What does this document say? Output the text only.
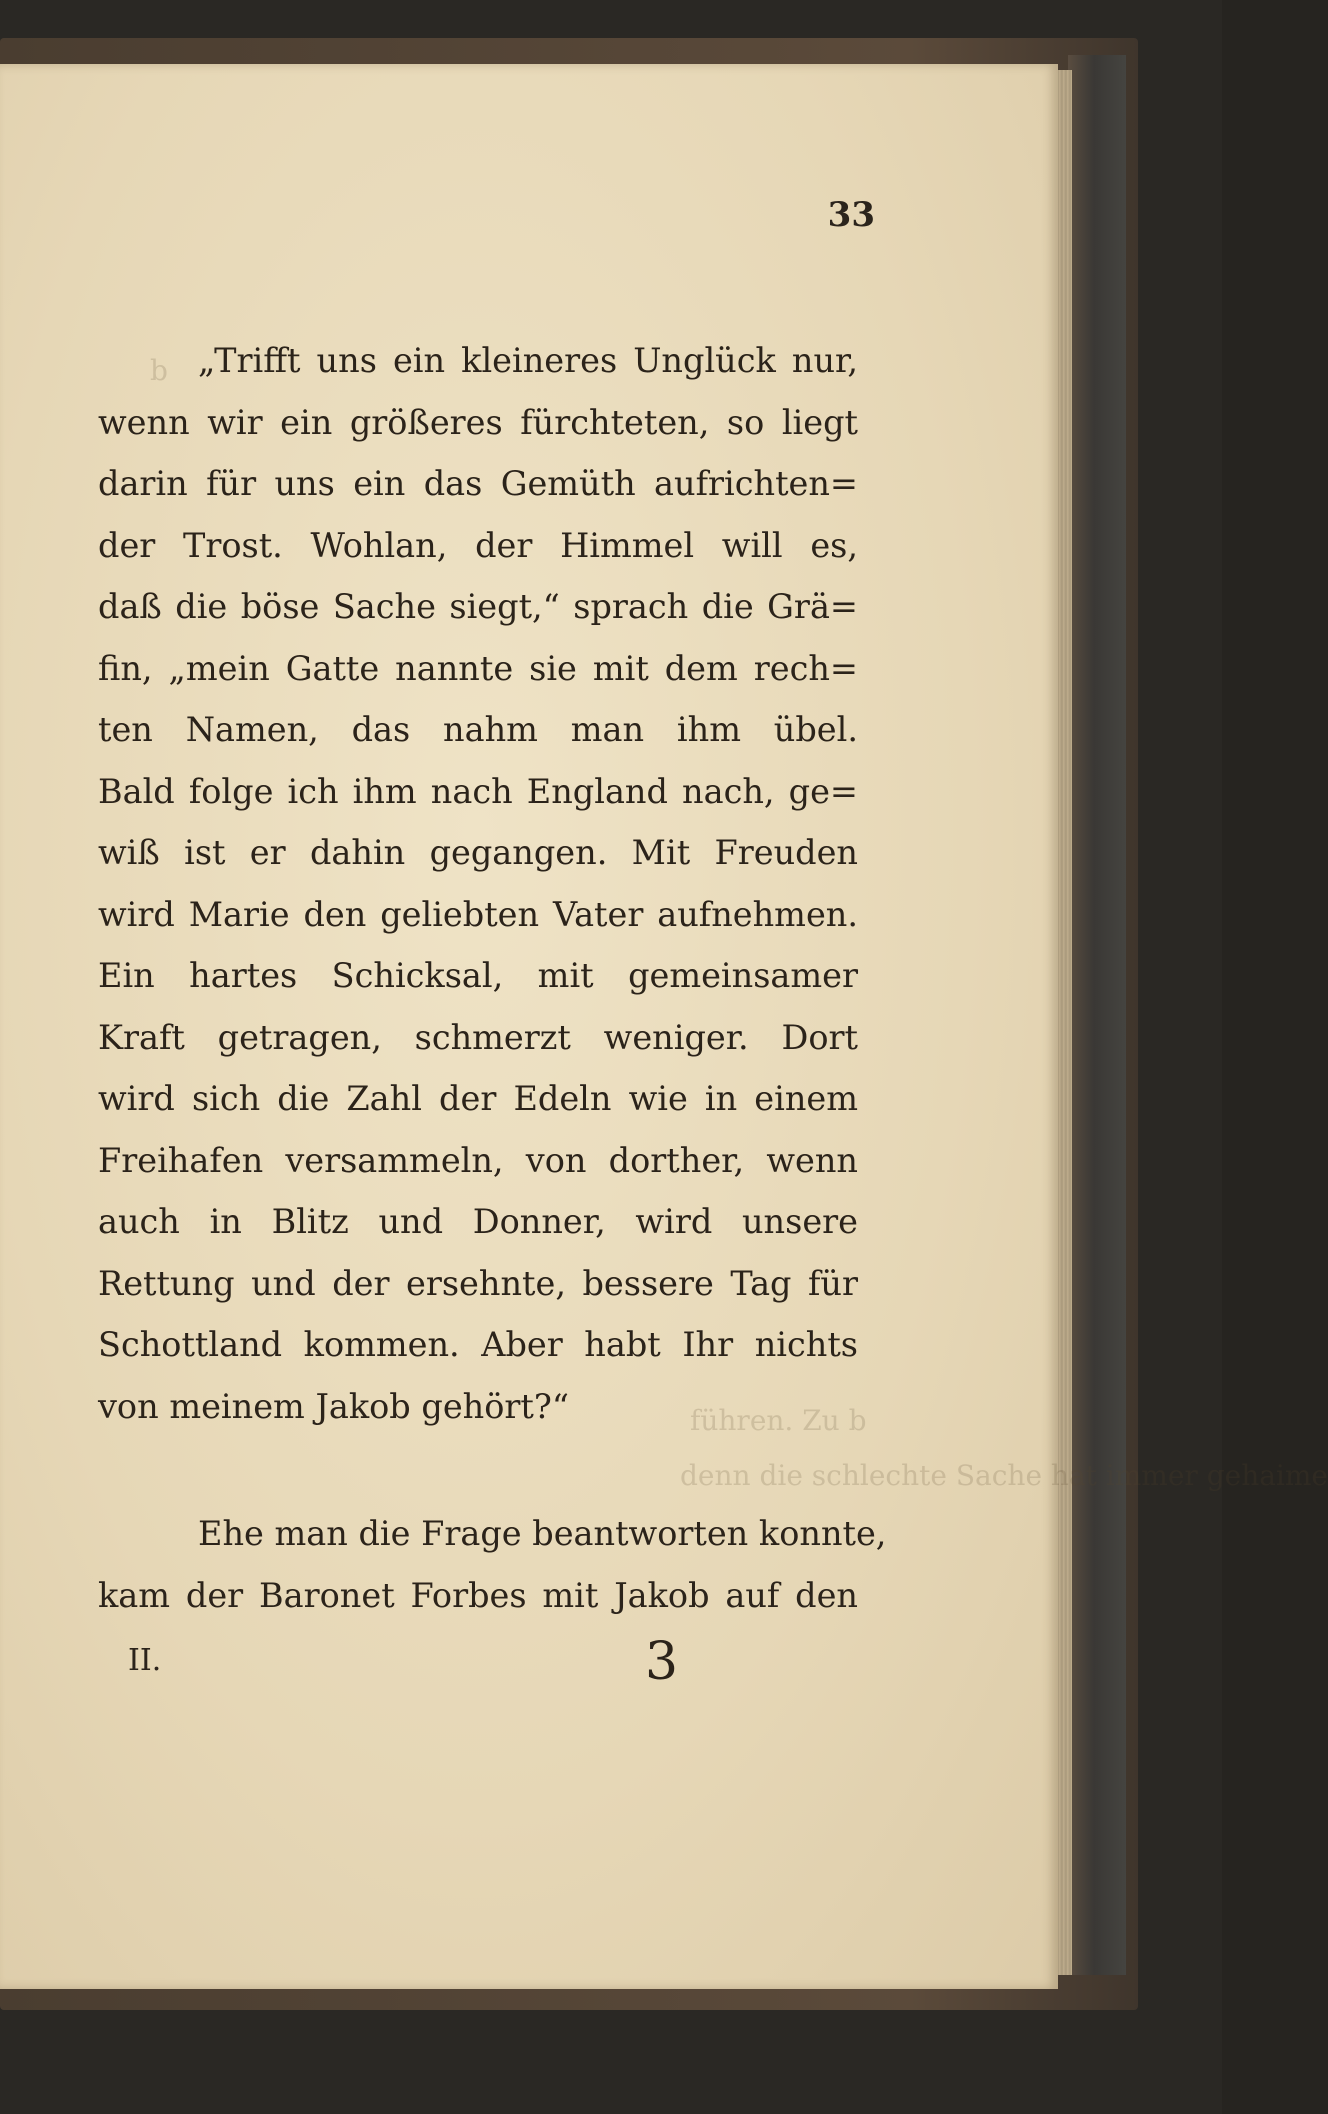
b
führen. Zu b
denn die schlechte Sache hat immer gehaime
33
„Trifft uns ein kleineres Unglück nur,
wenn wir ein größeres fürchteten, so liegt
darin für uns ein das Gemüth aufrichten=
der Trost. Wohlan, der Himmel will es,
daß die böse Sache siegt,“ sprach die Grä=
fin, „mein Gatte nannte sie mit dem rech=
ten Namen, das nahm man ihm übel.
Bald folge ich ihm nach England nach, ge=
wiß ist er dahin gegangen. Mit Freuden
wird Marie den geliebten Vater aufnehmen.
Ein hartes Schicksal, mit gemeinsamer
Kraft getragen, schmerzt weniger. Dort
wird sich die Zahl der Edeln wie in einem
Freihafen versammeln, von dorther, wenn
auch in Blitz und Donner, wird unsere
Rettung und der ersehnte, bessere Tag für
Schottland kommen. Aber habt Ihr nichts
von meinem Jakob gehört?“
Ehe man die Frage beantworten konnte,
kam der Baronet Forbes mit Jakob auf den
II.	3
